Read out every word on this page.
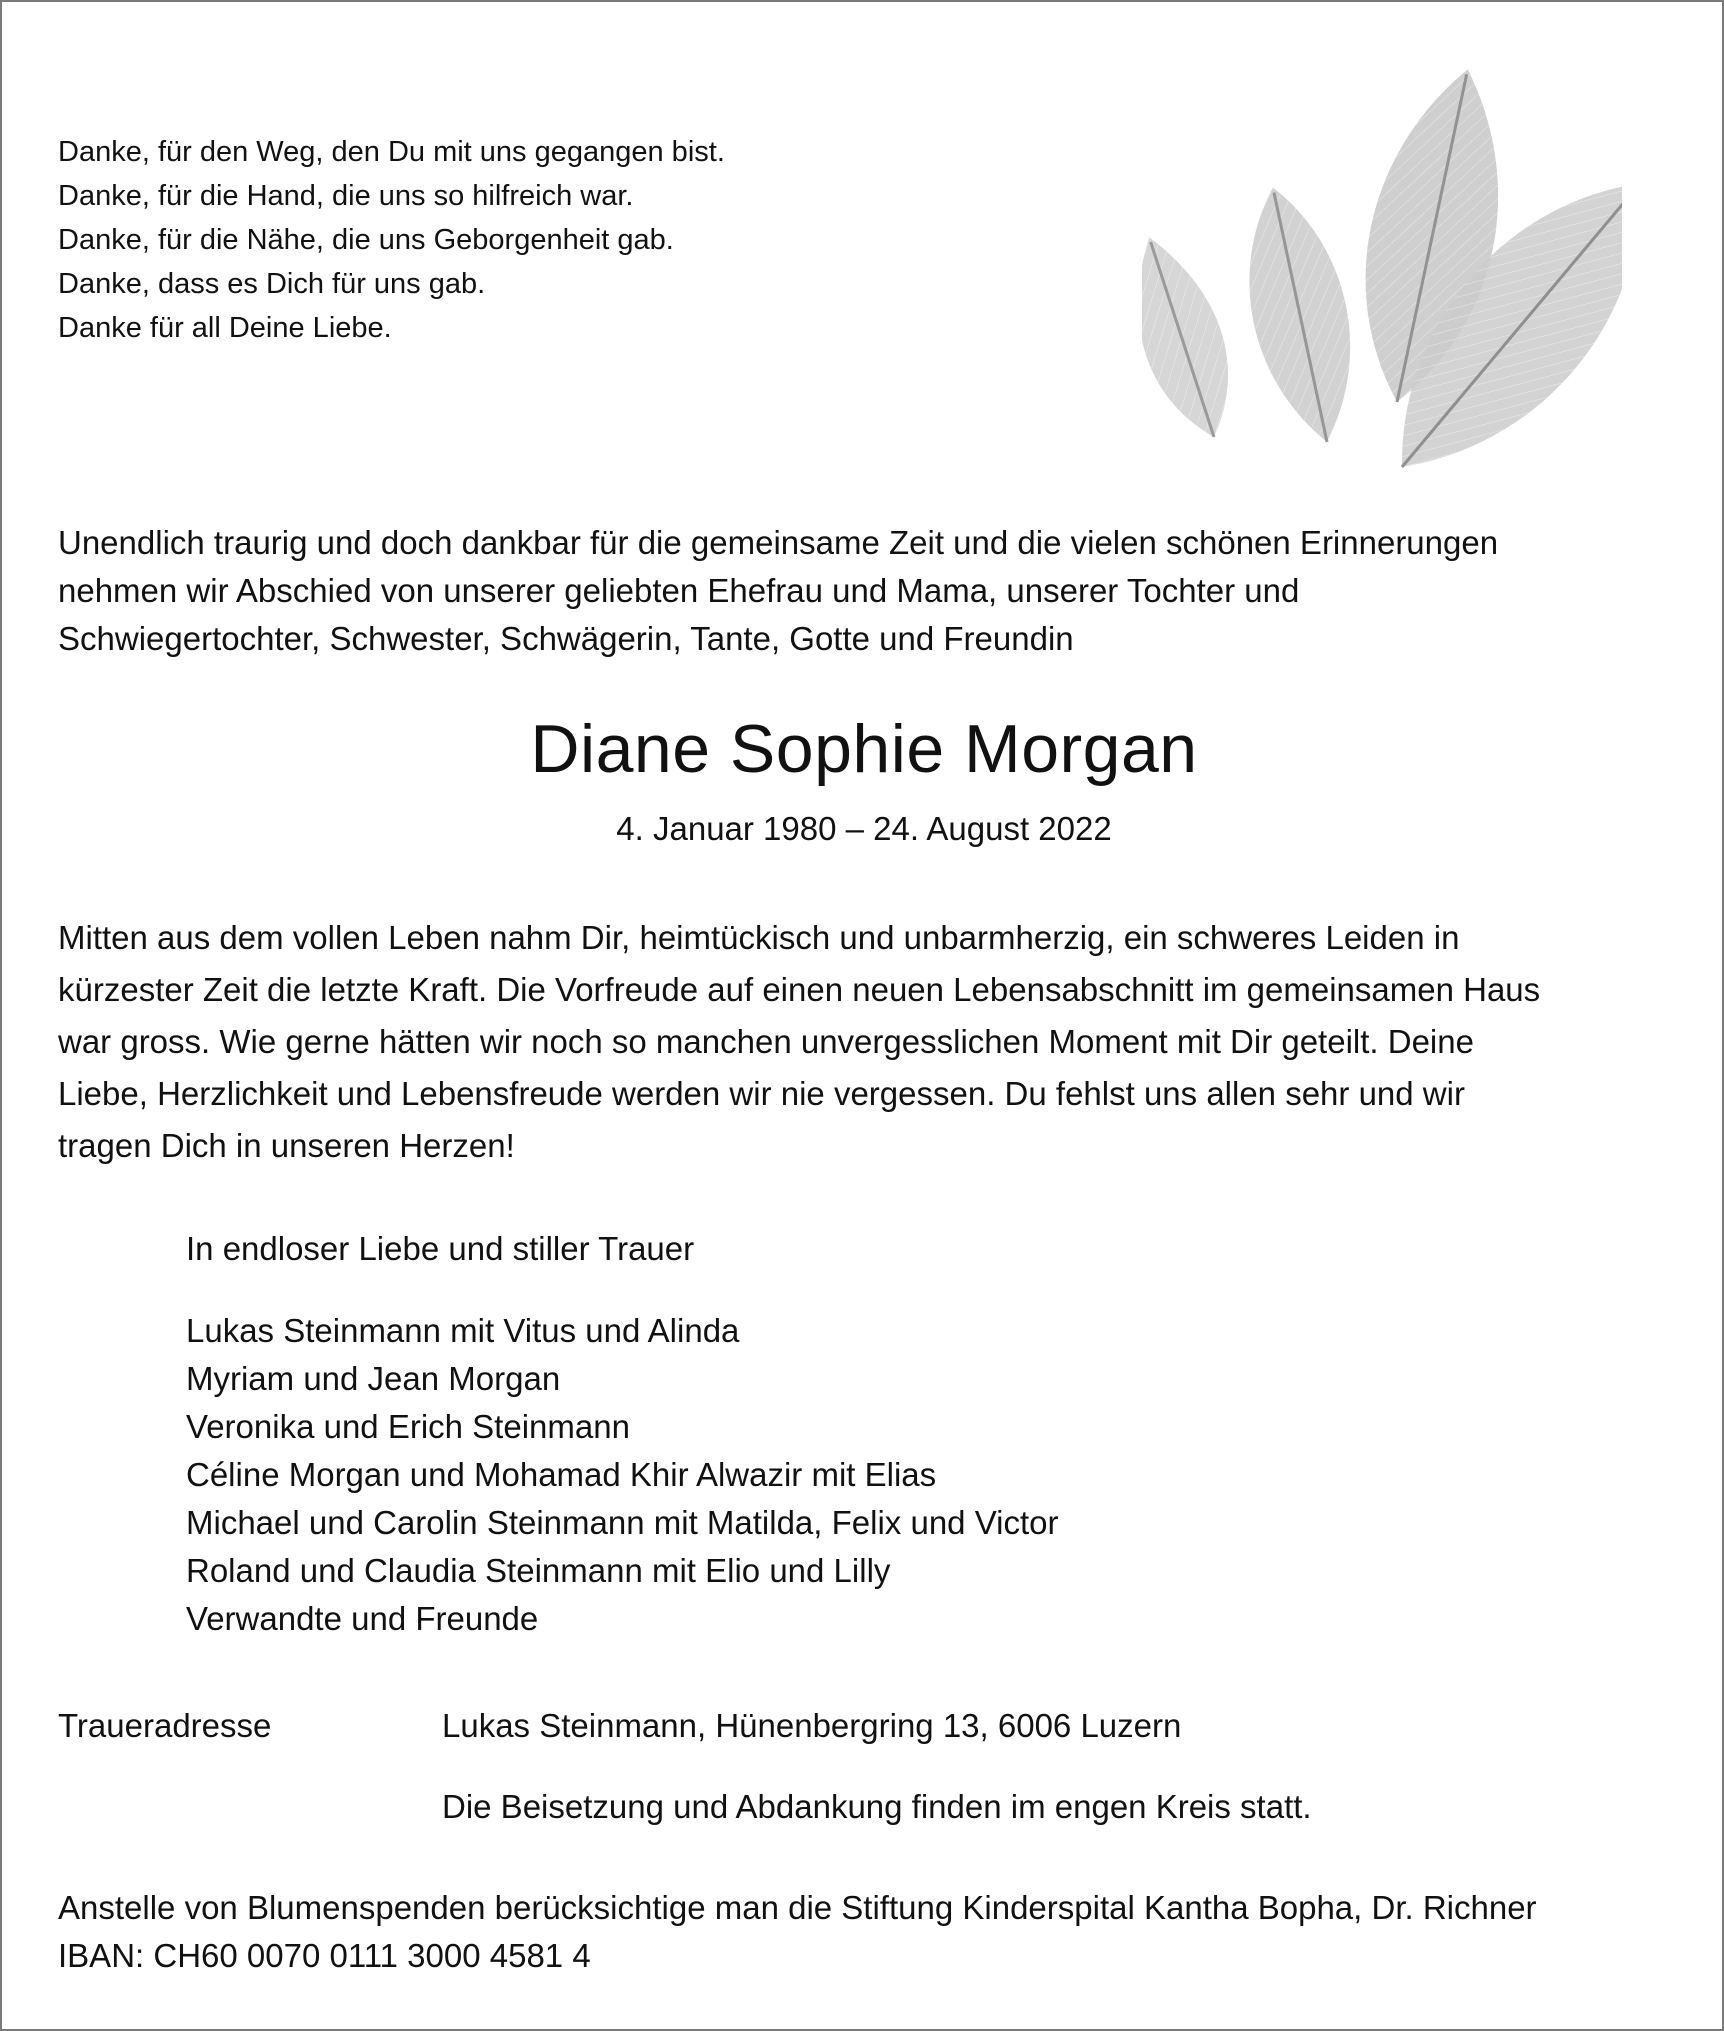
Danke, für den Weg, den Du mit uns gegangen bist.
Danke, für die Hand, die uns so hilfreich war.
Danke, für die Nähe, die uns Geborgenheit gab.
Danke, dass es Dich für uns gab.
Danke für all Deine Liebe.
Unendlich traurig und doch dankbar für die gemeinsame Zeit und die vielen schönen Erinnerungen
nehmen wir Abschied von unserer geliebten Ehefrau und Mama, unserer Tochter und
Schwiegertochter, Schwester, Schwägerin, Tante, Gotte und Freundin
Diane Sophie Morgan
4. Januar 1980 – 24. August 2022
Mitten aus dem vollen Leben nahm Dir, heimtückisch und unbarmherzig, ein schweres Leiden in
kürzester Zeit die letzte Kraft. Die Vorfreude auf einen neuen Lebensabschnitt im gemeinsamen Haus
war gross. Wie gerne hätten wir noch so manchen unvergesslichen Moment mit Dir geteilt. Deine
Liebe, Herzlichkeit und Lebensfreude werden wir nie vergessen. Du fehlst uns allen sehr und wir
tragen Dich in unseren Herzen!
In endloser Liebe und stiller Trauer
Lukas Steinmann mit Vitus und Alinda
Myriam und Jean Morgan
Veronika und Erich Steinmann
Céline Morgan und Mohamad Khir Alwazir mit Elias
Michael und Carolin Steinmann mit Matilda, Felix und Victor
Roland und Claudia Steinmann mit Elio und Lilly
Verwandte und Freunde
Traueradresse	Lukas Steinmann, Hünenbergring 13, 6006 Luzern
Die Beisetzung und Abdankung finden im engen Kreis statt.
Anstelle von Blumenspenden berücksichtige man die Stiftung Kinderspital Kantha Bopha, Dr. Richner
IBAN: CH60 0070 0111 3000 4581 4
